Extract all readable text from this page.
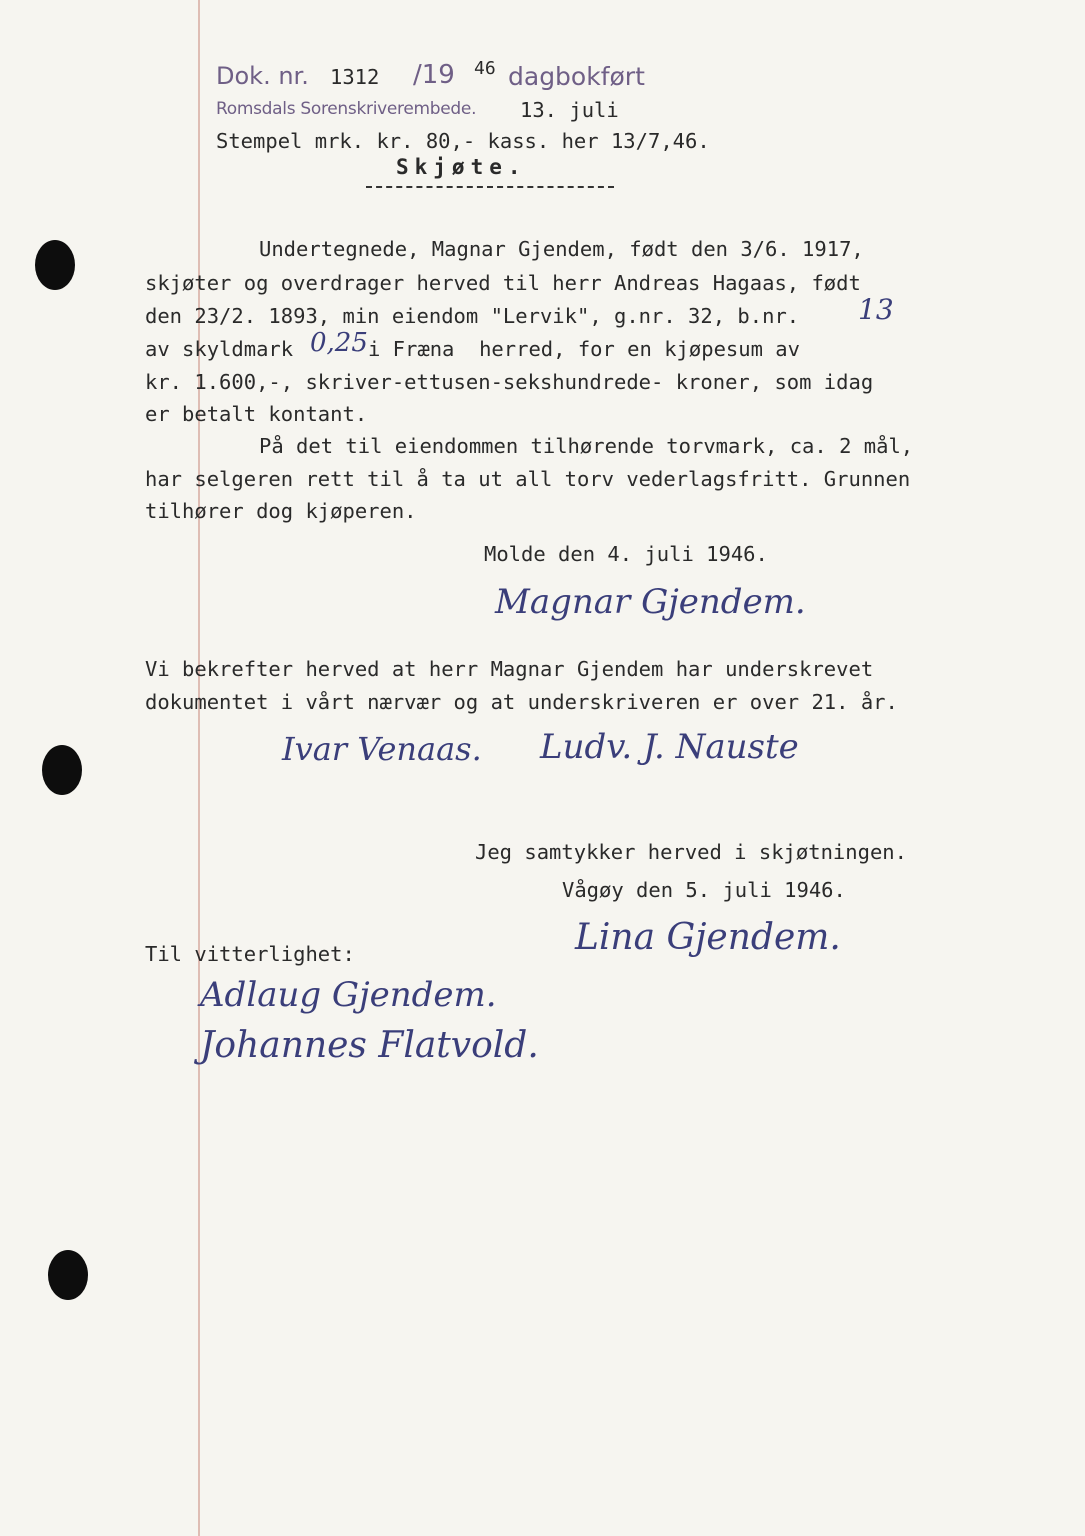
Dok. nr. 1312 /19 46 dagbokført
Romsdals Sorenskriverembede. 13. juli
Stempel mrk. kr. 80,- kass. her 13/7,46.
Skjøte.
Undertegnede, Magnar Gjendem, født den 3/6. 1917,
skjøter og overdrager herved til herr Andreas Hagaas, født
den 23/2. 1893, min eiendom "Lervik", g.nr. 32, b.nr. 13
av skyldmark 0,25 i Fræna  herred, for en kjøpesum av
kr. 1.600,-, skriver-ettusen-sekshundrede- kroner, som idag
er betalt kontant.
På det til eiendommen tilhørende torvmark, ca. 2 mål,
har selgeren rett til å ta ut all torv vederlagsfritt. Grunnen
tilhører dog kjøperen.
Molde den 4. juli 1946.
Magnar Gjendem.
Vi bekrefter herved at herr Magnar Gjendem har underskrevet
dokumentet i vårt nærvær og at underskriveren er over 21. år.
Ivar Venaas. Ludv. J. Nauste
Jeg samtykker herved i skjøtningen.
Vågøy den 5. juli 1946.
Lina Gjendem.
Til vitterlighet:
Adlaug Gjendem.
Johannes Flatvold.
